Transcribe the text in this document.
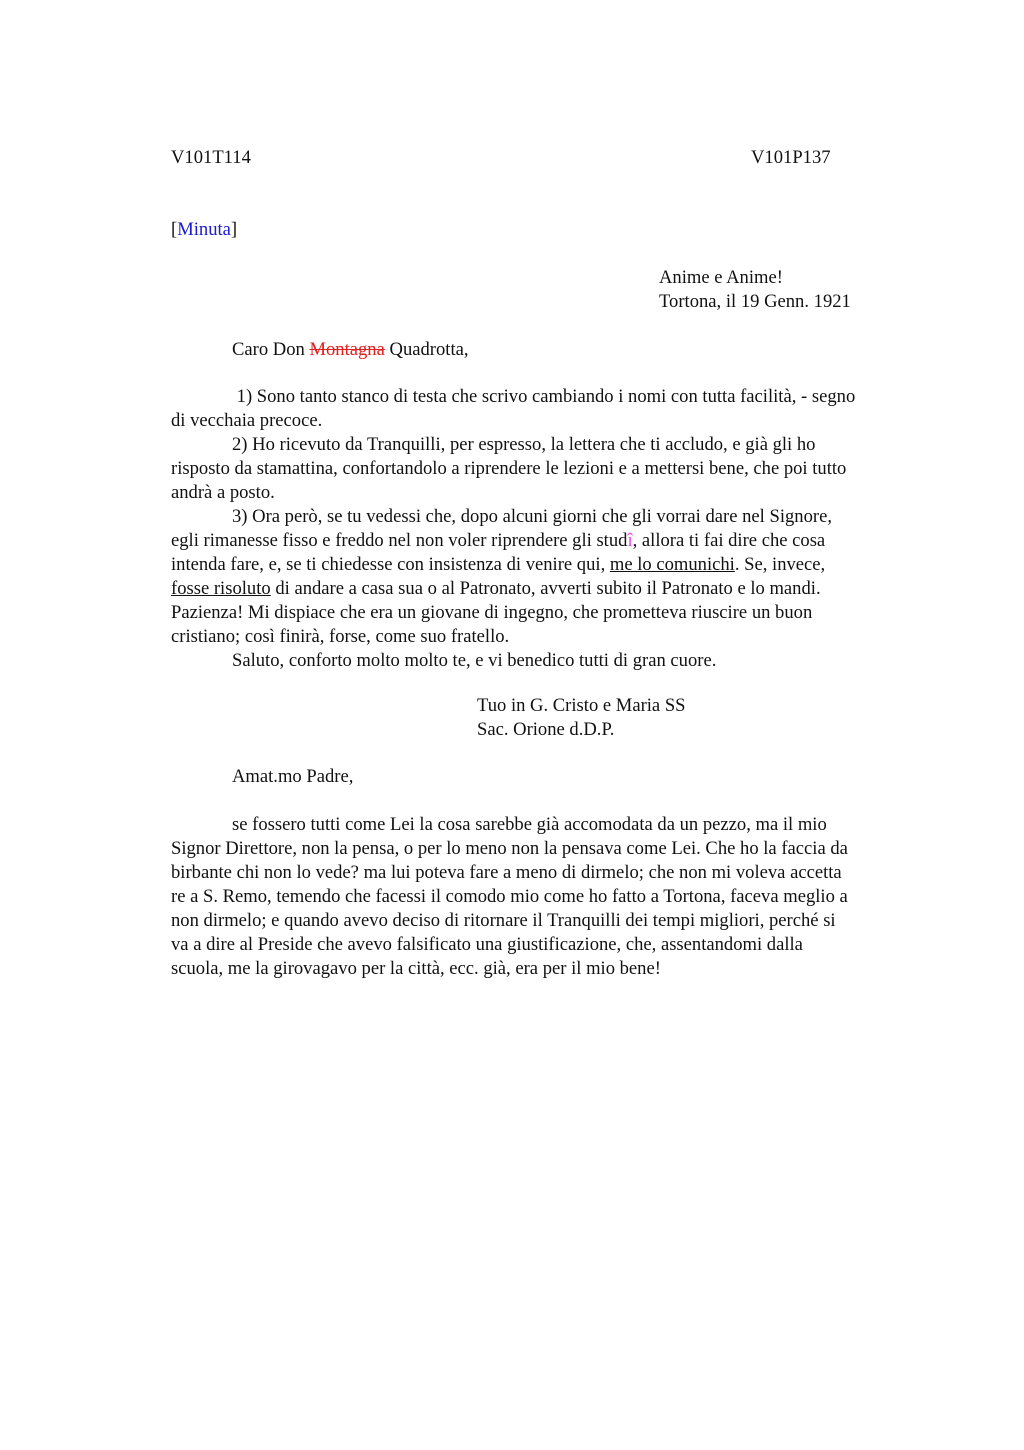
V101T114	V101P137
[Minuta]
Anime e Anime!
Tortona, il 19 Genn. 1921
Caro Don Montagna Quadrotta,
1) Sono tanto stanco di testa che scrivo cambiando i nomi con tutta facilità, - segno
di vecchaia precoce.
2) Ho ricevuto da Tranquilli, per espresso, la lettera che ti accludo, e già gli ho
risposto da stamattina, confortandolo a riprendere le lezioni e a mettersi bene, che poi tutto
andrà a posto.
3) Ora però, se tu vedessi che, dopo alcuni giorni che gli vorrai dare nel Signore,
egli rimanesse fisso e freddo nel non voler riprendere gli studî, allora ti fai dire che cosa
intenda fare, e, se ti chiedesse con insistenza di venire qui, me lo comunichi. Se, invece,
fosse risoluto di andare a casa sua o al Patronato, avverti subito il Patronato e lo mandi.
Pazienza! Mi dispiace che era un giovane di ingegno, che prometteva riuscire un buon
cristiano; così finirà, forse, come suo fratello.
Saluto, conforto molto molto te, e vi benedico tutti di gran cuore.
Tuo in G. Cristo e Maria SS
Sac. Orione d.D.P.
Amat.mo Padre,
se fossero tutti come Lei la cosa sarebbe già accomodata da un pezzo, ma il mio
Signor Direttore, non la pensa, o per lo meno non la pensava come Lei. Che ho la faccia da
birbante chi non lo vede? ma lui poteva fare a meno di dirmelo; che non mi voleva accetta
re a S. Remo, temendo che facessi il comodo mio come ho fatto a Tortona, faceva meglio a
non dirmelo; e quando avevo deciso di ritornare il Tranquilli dei tempi migliori, perché si
va a dire al Preside che avevo falsificato una giustificazione, che, assentandomi dalla
scuola, me la girovagavo per la città, ecc. già, era per il mio bene!
